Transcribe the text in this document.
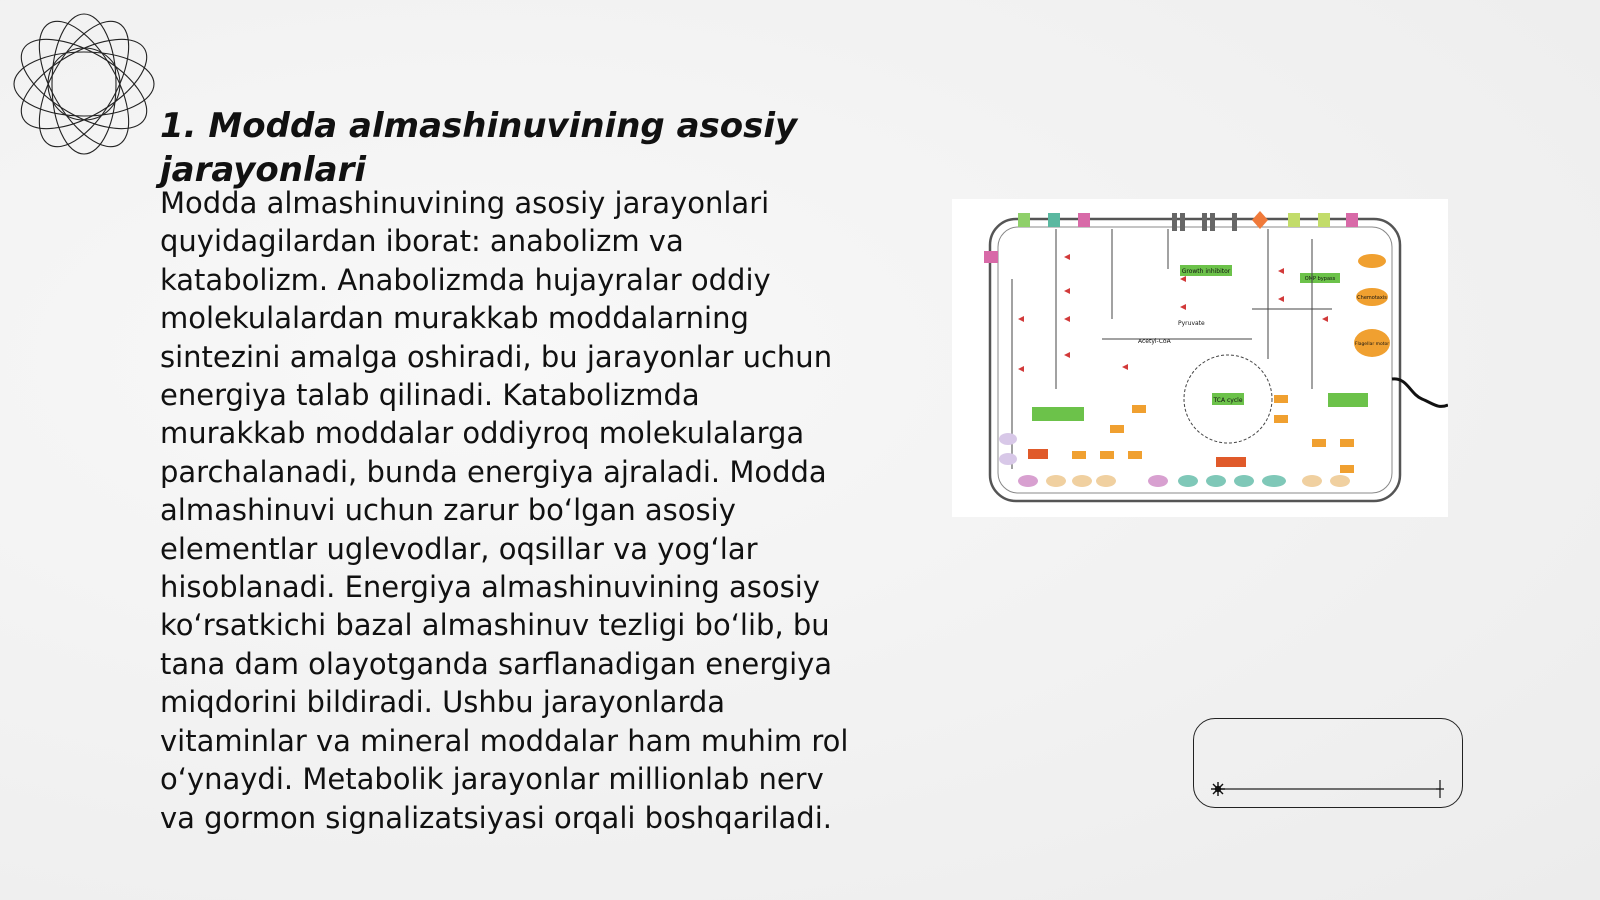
1. Modda almashinuvining asosiy jarayonlari

Modda almashinuvining asosiy jarayonlari quyidagilardan iborat: anabolizm va katabolizm. Anabolizmda hujayralar oddiy molekulalardan murakkab moddalarning sintezini amalga oshiradi, bu jarayonlar uchun energiya talab qilinadi. Katabolizmda murakkab moddalar oddiyroq molekulalarga parchalanadi, bunda energiya ajraladi. Modda almashinuvi uchun zarur bo‘lgan asosiy elementlar uglevodlar, oqsillar va yog‘lar hisoblanadi. Energiya almashinuvining asosiy ko‘rsatkichi bazal almashinuv tezligi bo‘lib, bu tana dam olayotganda sarflanadigan energiya miqdorini bildiradi. Ushbu jarayonlarda vitaminlar va mineral moddalar ham muhim rol o‘ynaydi. Metabolik jarayonlar millionlab nerv va gormon signalizatsiyasi orqali boshqariladi.

Growth inhibitor
OMP bypass
TCA cycle
Pyruvate
Acetyl-CoA
Chemotaxis
Flagellar motor
